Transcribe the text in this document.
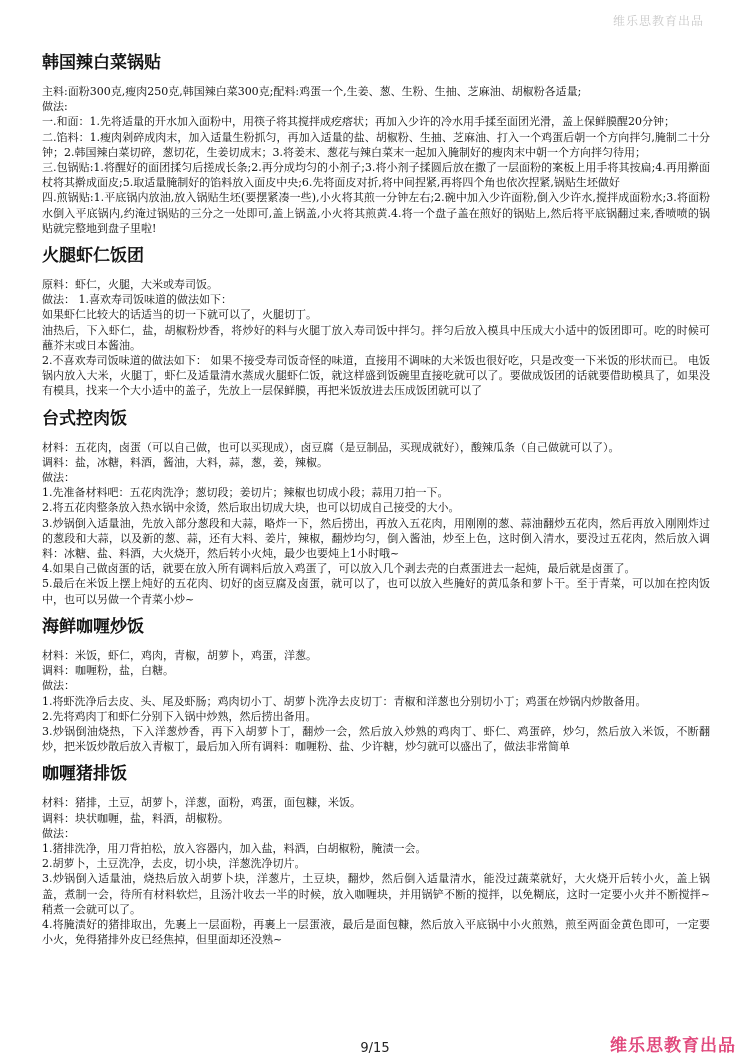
维乐思教育出品
韩国辣白菜锅贴

主料:面粉300克,瘦肉250克,韩国辣白菜300克;配料:鸡蛋一个,生姜、葱、生粉、生抽、芝麻油、胡椒粉各适量;

做法:

一.和面：1.先将适量的开水加入面粉中，用筷子将其搅拌成疙瘩状；再加入少许的冷水用手揉至面团光滑，盖上保鲜膜醒20分钟；

二.馅料：1.瘦肉剁碎成肉末，加入适量生粉抓匀，再加入适量的盐、胡椒粉、生抽、芝麻油、打入一个鸡蛋后朝一个方向拌匀,腌制二十分钟；2.韩国辣白菜切碎，葱切花，生姜切成末；3.将姜末、葱花与辣白菜末一起加入腌制好的瘦肉末中朝一个方向拌匀待用；

三.包锅贴:1.将醒好的面团揉匀后搓成长条;2.再分成均匀的小剂子;3.将小剂子揉圆后放在撒了一层面粉的案板上用手将其按扁;4.再用擀面杖将其擀成面皮;5.取适量腌制好的馅料放入面皮中央;6.先将面皮对折,将中间捏紧,再将四个角也依次捏紧,锅贴生坯做好

四.煎锅贴:1.平底锅内放油,放入锅贴生坯(要摆紧凑一些),小火将其煎一分钟左右;2.碗中加入少许面粉,倒入少许水,搅拌成面粉水;3.将面粉水倒入平底锅内,约淹过锅贴的三分之一处即可,盖上锅盖,小火将其煎黄.4.将一个盘子盖在煎好的锅贴上,然后将平底锅翻过来,香喷喷的锅贴就完整地到盘子里啦!

火腿虾仁饭团

原料：虾仁，火腿，大米或寿司饭。

做法： 1.喜欢寿司饭味道的做法如下：

如果虾仁比较大的话适当的切一下就可以了，火腿切丁。

油热后，下入虾仁，盐，胡椒粉炒香，将炒好的料与火腿丁放入寿司饭中拌匀。拌匀后放入模具中压成大小适中的饭团即可。吃的时候可蘸芥末或日本酱油。

2.不喜欢寿司饭味道的做法如下： 如果不接受寿司饭奇怪的味道，直接用不调味的大米饭也很好吃，只是改变一下米饭的形状而已。 电饭锅内放入大米，火腿丁，虾仁及适量清水蒸成火腿虾仁饭，就这样盛到饭碗里直接吃就可以了。要做成饭团的话就要借助模具了，如果没有模具，找来一个大小适中的盖子，先放上一层保鲜膜，再把米饭放进去压成饭团就可以了

台式控肉饭

材料：五花肉，卤蛋（可以自己做，也可以买现成），卤豆腐（是豆制品，买现成就好），酸辣瓜条（自己做就可以了）。

调料：盐，冰糖，料酒，酱油，大料，蒜，葱，姜，辣椒。

做法：

1.先准备材料吧：五花肉洗净；葱切段；姜切片；辣椒也切成小段；蒜用刀拍一下。

2.将五花肉整条放入热水锅中氽烫，然后取出切成大块，也可以切成自己接受的大小。

3.炒锅倒入适量油，先放入部分葱段和大蒜，略炸一下，然后捞出，再放入五花肉，用刚刚的葱、蒜油翻炒五花肉，然后再放入刚刚炸过的葱段和大蒜，以及新的葱、蒜，还有大料、姜片，辣椒，翻炒均匀，倒入酱油，炒至上色，这时倒入清水，要没过五花肉，然后放入调料：冰糖、盐、料酒，大火烧开，然后转小火炖，最少也要炖上1小时哦~

4.如果自己做卤蛋的话，就要在放入所有调料后放入鸡蛋了，可以放入几个剥去壳的白煮蛋进去一起炖，最后就是卤蛋了。

5.最后在米饭上摆上炖好的五花肉、切好的卤豆腐及卤蛋，就可以了，也可以放入些腌好的黄瓜条和萝卜干。至于青菜，可以加在控肉饭中，也可以另做一个青菜小炒~

海鲜咖喱炒饭

材料：米饭，虾仁，鸡肉，青椒，胡萝卜，鸡蛋，洋葱。

调料：咖喱粉，盐，白糖。

做法：

1.将虾洗净后去皮、头、尾及虾肠；鸡肉切小丁、胡萝卜洗净去皮切丁：青椒和洋葱也分别切小丁；鸡蛋在炒锅内炒散备用。

2.先将鸡肉丁和虾仁分别下入锅中炒熟，然后捞出备用。

3.炒锅倒油烧热，下入洋葱炒香，再下入胡萝卜丁，翻炒一会，然后放入炒熟的鸡肉丁、虾仁、鸡蛋碎，炒匀，然后放入米饭，不断翻炒，把米饭炒散后放入青椒丁，最后加入所有调料：咖喱粉、盐、少许糖，炒匀就可以盛出了，做法非常简单

咖喱猪排饭

材料：猪排，土豆，胡萝卜，洋葱，面粉，鸡蛋，面包糠，米饭。

调料：块状咖喱，盐，料酒，胡椒粉。

做法：

1.猪排洗净，用刀背拍松，放入容器内，加入盐，料酒，白胡椒粉，腌渍一会。

2.胡萝卜，土豆洗净，去皮，切小块，洋葱洗净切片。

3.炒锅倒入适量油，烧热后放入胡萝卜块，洋葱片，土豆块，翻炒，然后倒入适量清水，能没过蔬菜就好，大火烧开后转小火，盖上锅盖，煮制一会，待所有材料软烂，且汤汁收去一半的时候，放入咖喱块，并用锅铲不断的搅拌，以免糊底，这时一定要小火并不断搅拌~稍煮一会就可以了。

4.将腌渍好的猪排取出，先裹上一层面粉，再裹上一层蛋液，最后是面包糠，然后放入平底锅中小火煎熟，煎至两面金黄色即可，一定要小火，免得猪排外皮已经焦掉，但里面却还没熟~

9/15	维乐思教育出品
